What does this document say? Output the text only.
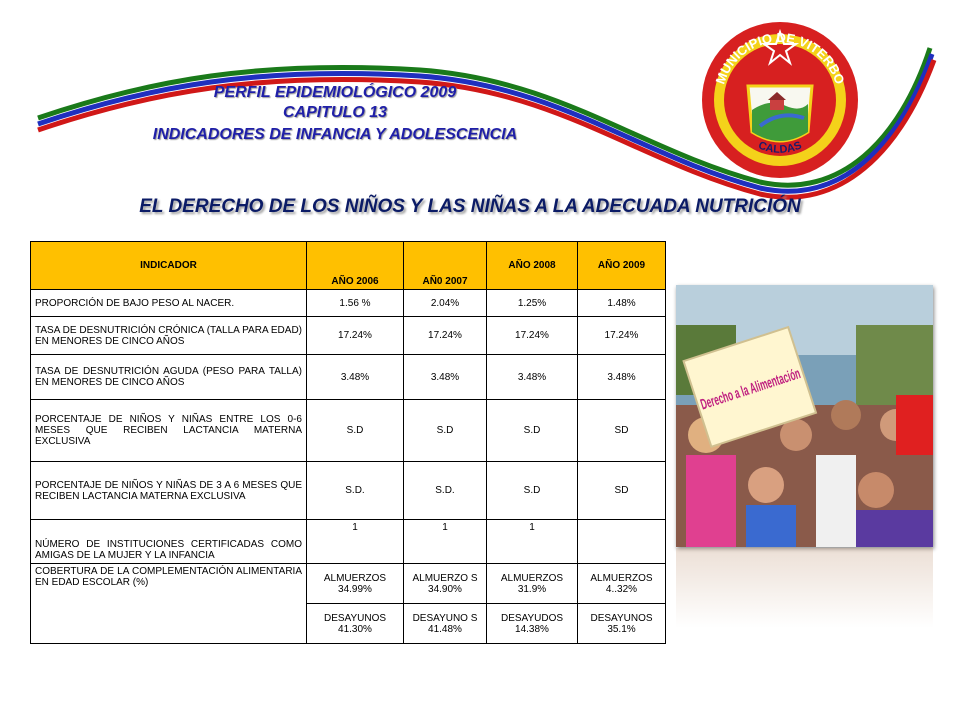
MUNICIPIO DE VITERBO
CALDAS
PERFIL EPIDEMIOLÓGICO 2009
CAPITULO 13
INDICADORES DE INFANCIA Y ADOLESCENCIA
EL DERECHO DE LOS NIÑOS Y LAS NIÑAS A LA ADECUADA NUTRICIÓN
INDICADOR	AÑO 2006	AÑ0 2007	AÑO 2008	AÑO 2009
PROPORCIÓN DE BAJO PESO AL NACER.	1.56 %	2.04%	1.25%	1.48%
TASA DE DESNUTRICIÓN CRÓNICA (TALLA PARA EDAD) EN MENORES DE CINCO AÑOS	17.24%	17.24%	17.24%	17.24%
TASA DE DESNUTRICIÓN AGUDA (PESO PARA TALLA) EN MENORES DE CINCO AÑOS	3.48%	3.48%	3.48%	3.48%
PORCENTAJE DE NIÑOS Y NIÑAS ENTRE LOS 0-6 MESES QUE RECIBEN LACTANCIA MATERNA EXCLUSIVA	S.D	S.D	S.D	SD
PORCENTAJE DE NIÑOS Y NIÑAS DE 3 A 6 MESES QUE RECIBEN LACTANCIA MATERNA EXCLUSIVA	S.D.	S.D.	S.D	SD
NÚMERO DE INSTITUCIONES CERTIFICADAS COMO AMIGAS DE LA MUJER Y LA INFANCIA	1	1	1	
COBERTURA DE LA COMPLEMENTACIÓN ALIMENTARIA EN EDAD ESCOLAR (%)	ALMUERZOS 34.99%	ALMUERZO S 34.90%	ALMUERZOS 31.9%	ALMUERZOS 4..32%
	DESAYUNOS 41.30%	DESAYUNO S 41.48%	DESAYUDOS 14.38%	DESAYUNOS 35.1%
Derecho a la Alimentación
